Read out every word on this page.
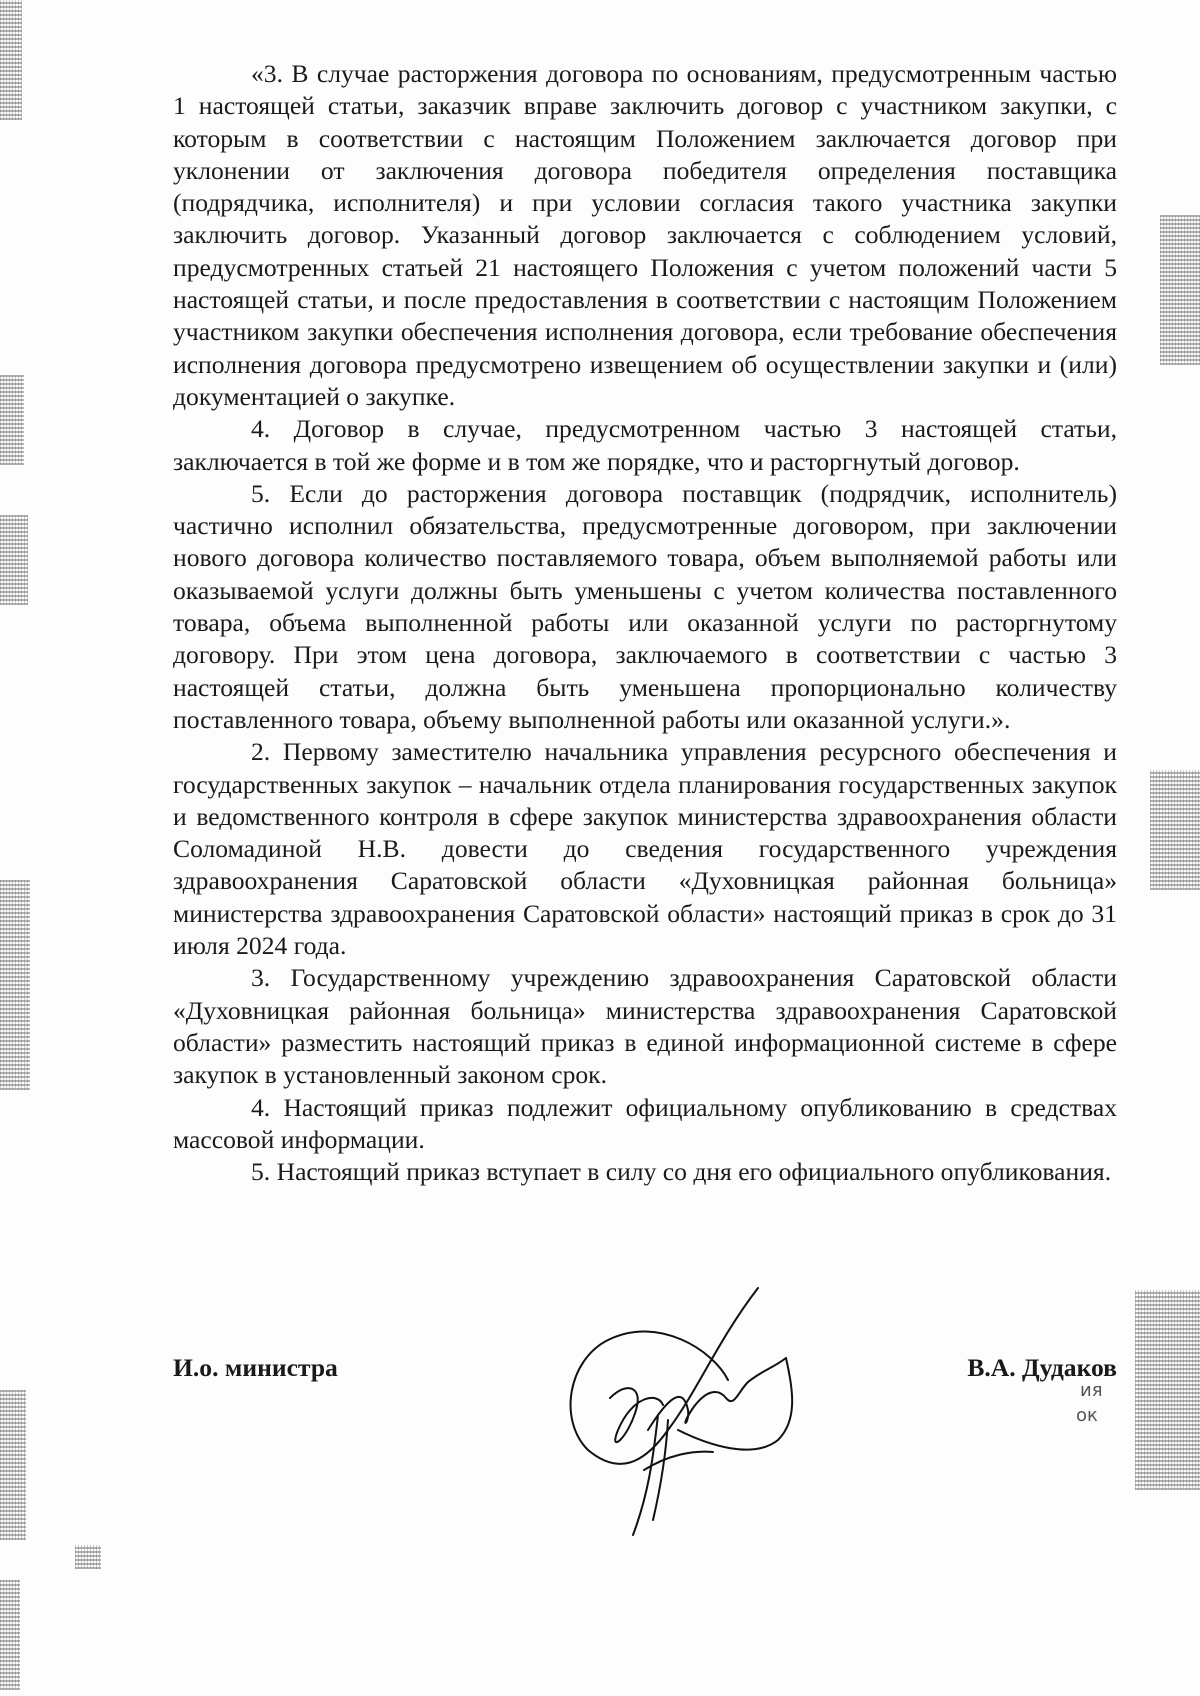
«3. В случае расторжения договора по основаниям, предусмотренным частью 1 настоящей статьи, заказчик вправе заключить договор с участником закупки, с которым в соответствии с настоящим Положением заключается договор при уклонении от заключения договора победителя определения поставщика (подрядчика, исполнителя) и при условии согласия такого участника закупки заключить договор. Указанный договор заключается с соблюдением условий, предусмотренных статьей 21 настоящего Положения с учетом положений части 5 настоящей статьи, и после предоставления в соответствии с настоящим Положением участником закупки обеспечения исполнения договора, если требование обеспечения исполнения договора предусмотрено извещением об осуществлении закупки и (или) документацией о закупке.

4. Договор в случае, предусмотренном частью 3 настоящей статьи, заключается в той же форме и в том же порядке, что и расторгнутый договор.

5. Если до расторжения договора поставщик (подрядчик, исполнитель) частично исполнил обязательства, предусмотренные договором, при заключении нового договора количество поставляемого товара, объем выполняемой работы или оказываемой услуги должны быть уменьшены с учетом количества поставленного товара, объема выполненной работы или оказанной услуги по расторгнутому договору. При этом цена договора, заключаемого в соответствии с частью 3 настоящей статьи, должна быть уменьшена пропорционально количеству поставленного товара, объему выполненной работы или оказанной услуги.».

2. Первому заместителю начальника управления ресурсного обеспечения и государственных закупок – начальник отдела планирования государственных закупок и ведомственного контроля в сфере закупок министерства здравоохранения области Соломадиной Н.В. довести до сведения государственного учреждения здравоохранения Саратовской области «Духовницкая районная больница» министерства здравоохранения Саратовской области» настоящий приказ в срок до 31 июля 2024 года.

3. Государственному учреждению здравоохранения Саратовской области «Духовницкая районная больница» министерства здравоохранения Саратовской области» разместить настоящий приказ в единой информационной системе в сфере закупок в установленный законом срок.

4. Настоящий приказ подлежит официальному опубликованию в средствах массовой информации.

5. Настоящий приказ вступает в силу со дня его официального опубликования.

И.о. министра	В.А. Дудаков
ия
ок
